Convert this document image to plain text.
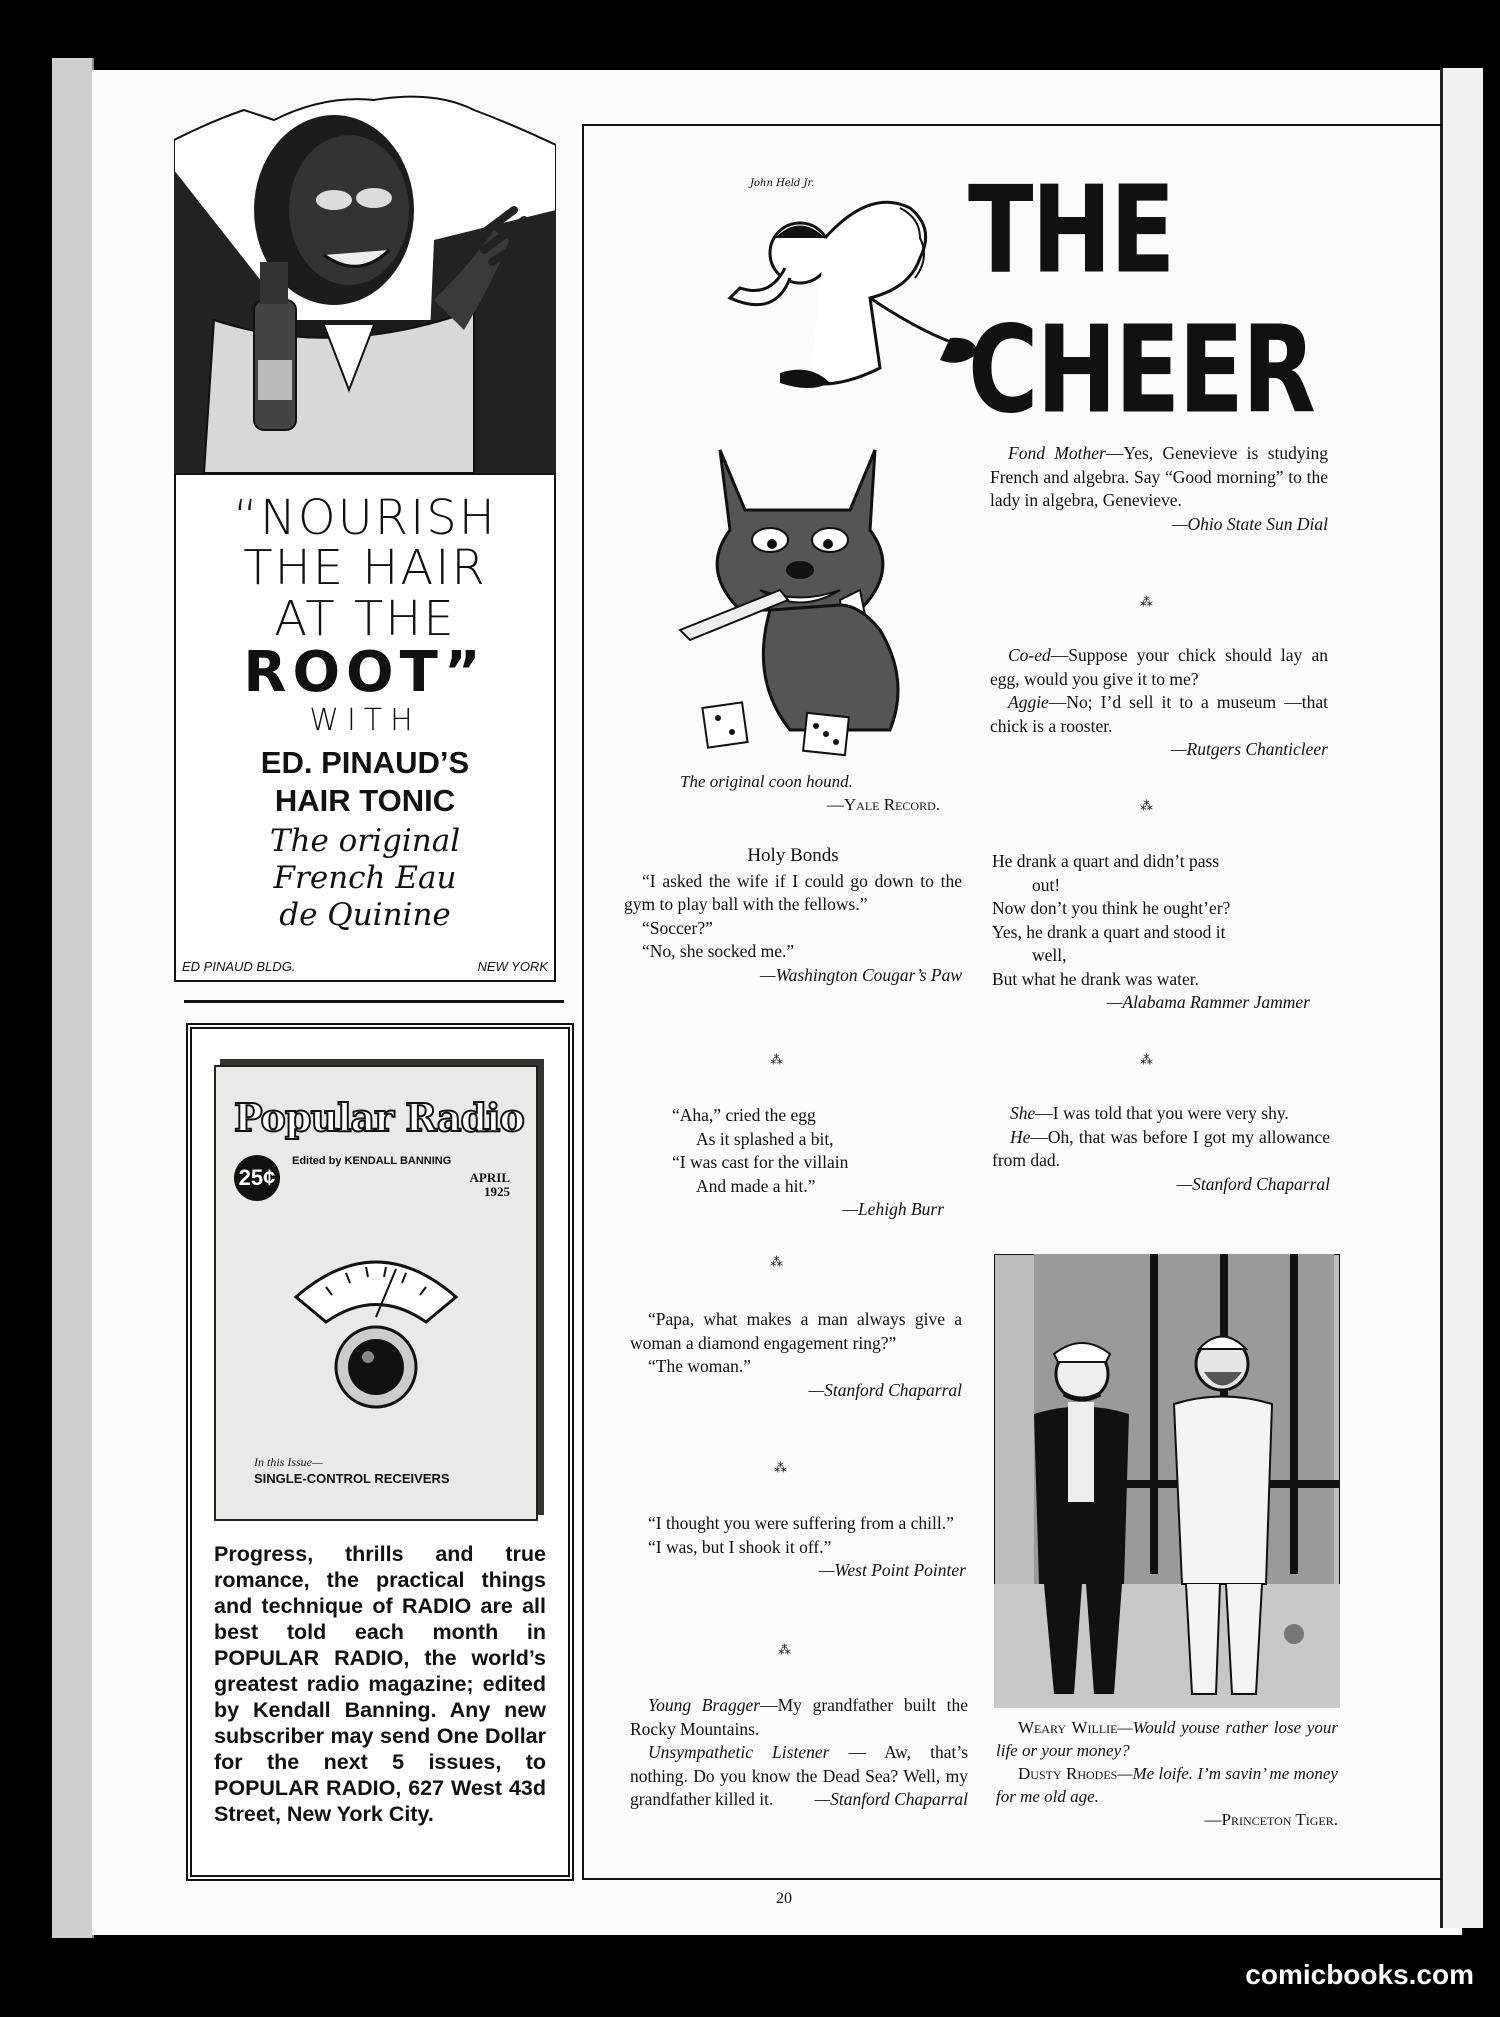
“NOURISH
THE HAIR
AT THE
ROOT”
WITH
ED. PINAUD’S
HAIR TONIC
The original
French Eau
de Quinine
ED PINAUD BLDG.	NEW YORK
Popular Radio
25¢
Edited by KENDALL BANNING
APRIL
1925
In this Issue—
SINGLE-CONTROL RECEIVERS
Progress, thrills and true romance, the practical things and technique of RADIO are all best told each month in POPULAR RADIO, the world’s greatest radio magazine; edited by Kendall Banning. Any new subscriber may send One Dollar for the next 5 issues, to POPULAR RADIO, 627 West 43d Street, New York City.
John Held Jr. THE CHEER
The original coon hound.
—Yale Record.
Holy Bonds

“I asked the wife if I could go down to the gym to play ball with the fellows.”

“Soccer?”

“No, she socked me.”

—Washington Cougar’s Paw
⁂
“Aha,” cried the egg
As it splashed a bit,
“I was cast for the villain
And made a hit.”
—Lehigh Burr
⁂

“Papa, what makes a man always give a woman a diamond engagement ring?”

“The woman.”

—Stanford Chaparral
⁂

“I thought you were suffering from a chill.”

“I was, but I shook it off.”

—West Point Pointer
⁂

Young Bragger—My grandfather built the Rocky Mountains.

Unsympathetic Listener — Aw, that’s nothing. Do you know the Dead Sea? Well, my grandfather killed it.	—Stanford Chaparral

Fond Mother—Yes, Genevieve is studying French and algebra. Say “Good morning” to the lady in algebra, Genevieve.

—Ohio State Sun Dial
⁂

Co-ed—Suppose your chick should lay an egg, would you give it to me?

Aggie—No; I’d sell it to a museum —that chick is a rooster.

—Rutgers Chanticleer
⁂
He drank a quart and didn’t pass
out!
Now don’t you think he ought’er?
Yes, he drank a quart and stood it
well,
But what he drank was water.
—Alabama Rammer Jammer
⁂

She—I was told that you were very shy.

He—Oh, that was before I got my allowance from dad.

—Stanford Chaparral
Weary Willie—Would youse rather lose your life or your money?
Dusty Rhodes—Me loife. I’m savin’ me money for me old age.
—Princeton Tiger.
20
comicbooks.com
